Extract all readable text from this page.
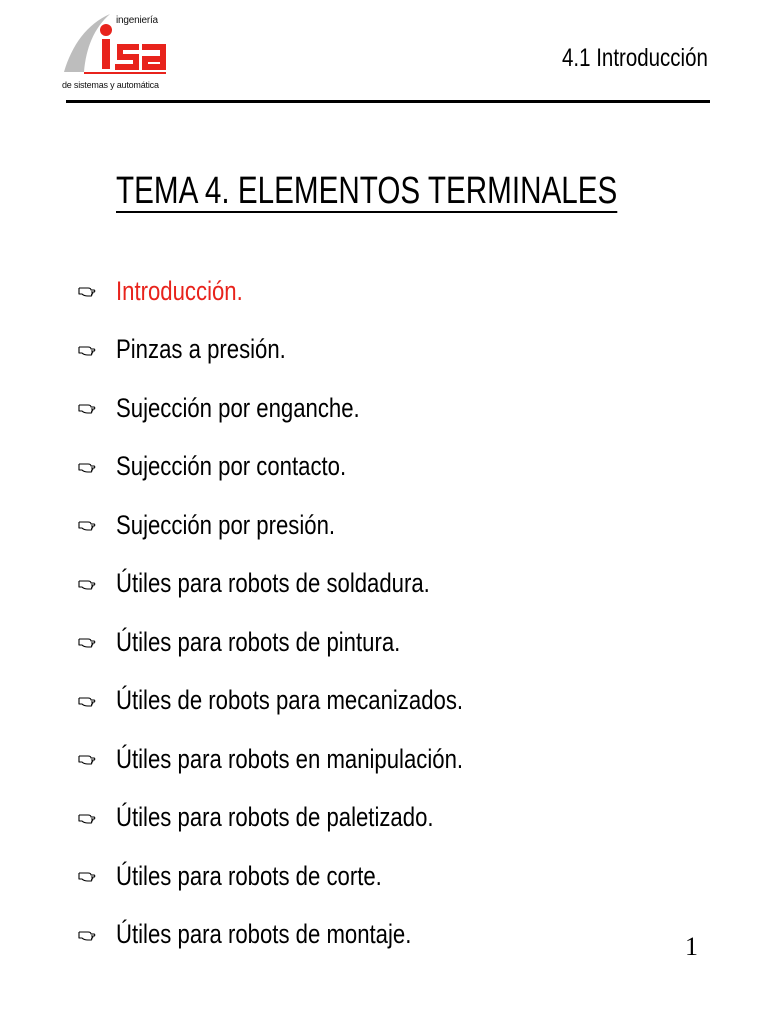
ingeniería
de sistemas y automática
4.1 Introducción
TEMA 4. ELEMENTOS TERMINALES
Introducción.
Pinzas a presión.
Sujección por enganche.
Sujección por contacto.
Sujección por presión.
Útiles para robots de soldadura.
Útiles para robots de pintura.
Útiles de robots para mecanizados.
Útiles para robots en manipulación.
Útiles para robots de paletizado.
Útiles para robots de corte.
Útiles para robots de montaje.	1
